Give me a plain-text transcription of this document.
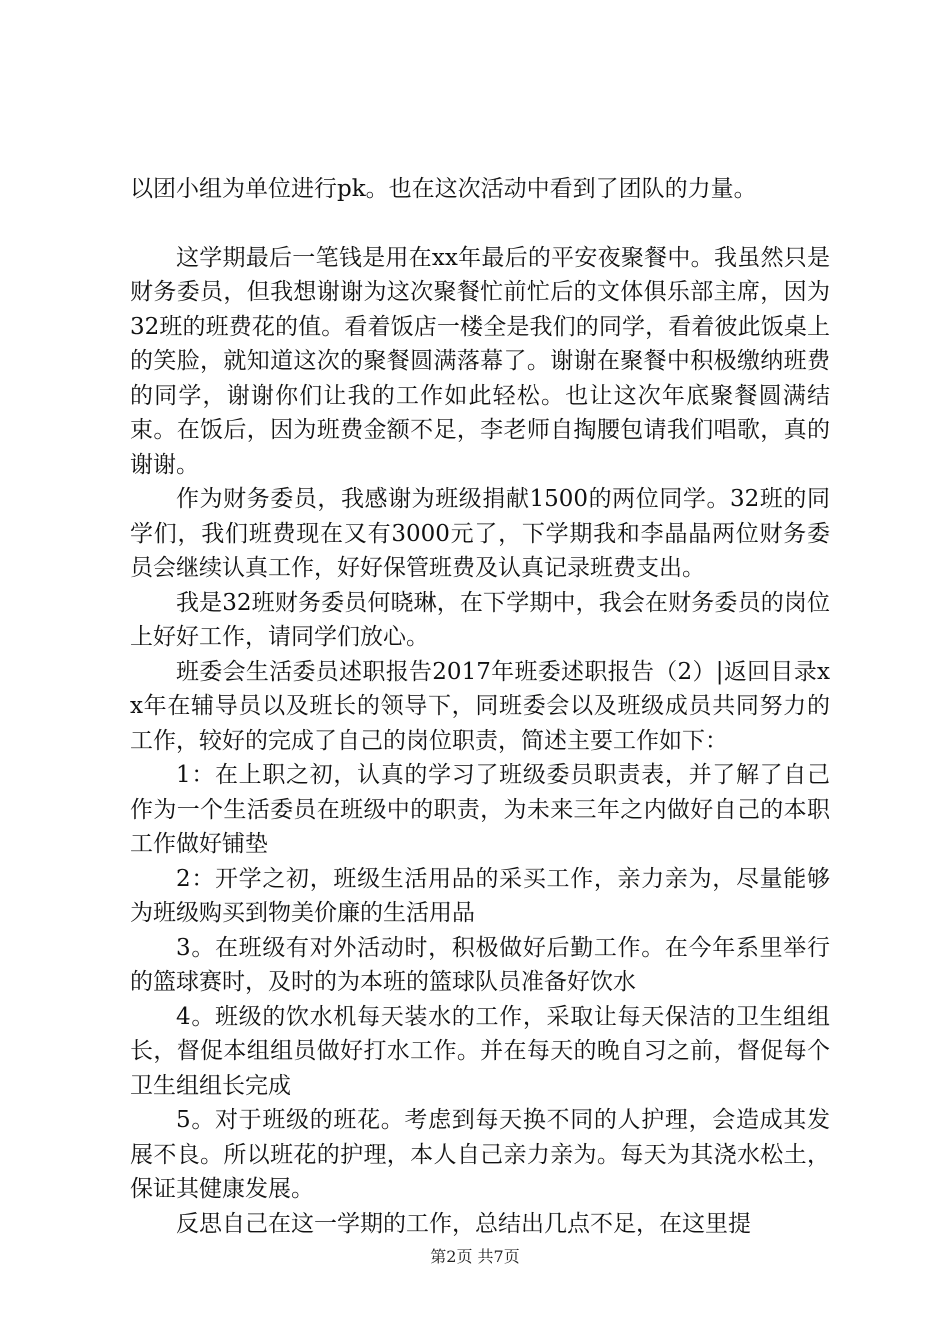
以团小组为单位进行pk。也在这次活动中看到了团队的力量。

这学期最后一笔钱是用在xx年最后的平安夜聚餐中。我虽然只是财务委员，但我想谢谢为这次聚餐忙前忙后的文体俱乐部主席，因为32班的班费花的值。看着饭店一楼全是我们的同学，看着彼此饭桌上的笑脸，就知道这次的聚餐圆满落幕了。谢谢在聚餐中积极缴纳班费的同学，谢谢你们让我的工作如此轻松。也让这次年底聚餐圆满结束。在饭后，因为班费金额不足，李老师自掏腰包请我们唱歌，真的谢谢。

作为财务委员，我感谢为班级捐献1500的两位同学。32班的同学们，我们班费现在又有3000元了，下学期我和李晶晶两位财务委员会继续认真工作，好好保管班费及认真记录班费支出。

我是32班财务委员何晓琳，在下学期中，我会在财务委员的岗位上好好工作，请同学们放心。

班委会生活委员述职报告2017年班委述职报告（2）|返回目录xx年在辅导员以及班长的领导下，同班委会以及班级成员共同努力的工作，较好的完成了自己的岗位职责，简述主要工作如下：

1：在上职之初，认真的学习了班级委员职责表，并了解了自己作为一个生活委员在班级中的职责，为未来三年之内做好自己的本职工作做好铺垫

2：开学之初，班级生活用品的采买工作，亲力亲为，尽量能够为班级购买到物美价廉的生活用品

3。在班级有对外活动时，积极做好后勤工作。在今年系里举行的篮球赛时，及时的为本班的篮球队员准备好饮水

4。班级的饮水机每天装水的工作，采取让每天保洁的卫生组组长，督促本组组员做好打水工作。并在每天的晚自习之前，督促每个卫生组组长完成

5。对于班级的班花。考虑到每天换不同的人护理，会造成其发展不良。所以班花的护理，本人自己亲力亲为。每天为其浇水松土，保证其健康发展。

反思自己在这一学期的工作，总结出几点不足，在这里提

第2页 共7页
